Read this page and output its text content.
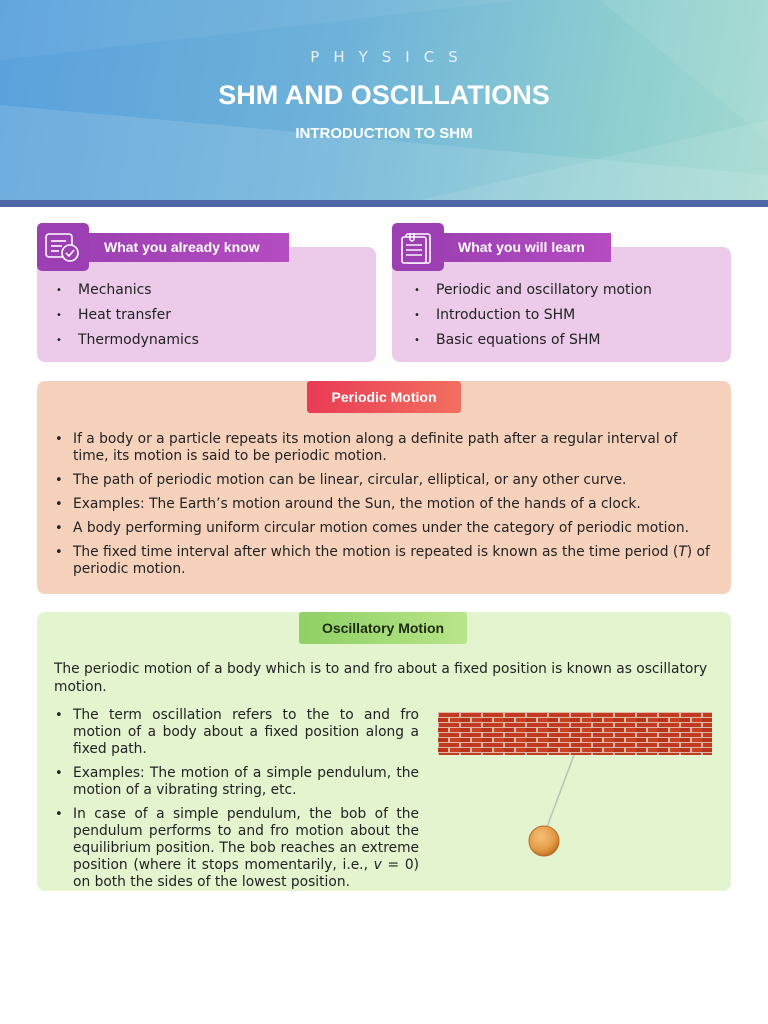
PHYSICS
SHM AND OSCILLATIONS
INTRODUCTION TO SHM
What you already know
• Mechanics
• Heat transfer
• Thermodynamics
What you will learn
• Periodic and oscillatory motion
• Introduction to SHM
• Basic equations of SHM
Periodic Motion
• If a body or a particle repeats its motion along a definite path after a regular interval of time, its motion is said to be periodic motion.
• The path of periodic motion can be linear, circular, elliptical, or any other curve.
• Examples: The Earth’s motion around the Sun, the motion of the hands of a clock.
• A body performing uniform circular motion comes under the category of periodic motion.
• The fixed time interval after which the motion is repeated is known as the time period (T) of periodic motion.
Oscillatory Motion

The periodic motion of a body which is to and fro about a fixed position is known as oscillatory motion.

• The term oscillation refers to the to and fro motion of a body about a fixed position along a fixed path.
• Examples: The motion of a simple pendulum, the motion of a vibrating string, etc.
• In case of a simple pendulum, the bob of the pendulum performs to and fro motion about the equilibrium position. The bob reaches an extreme position (where it stops momentarily, i.e., v = 0) on both the sides of the lowest position.
